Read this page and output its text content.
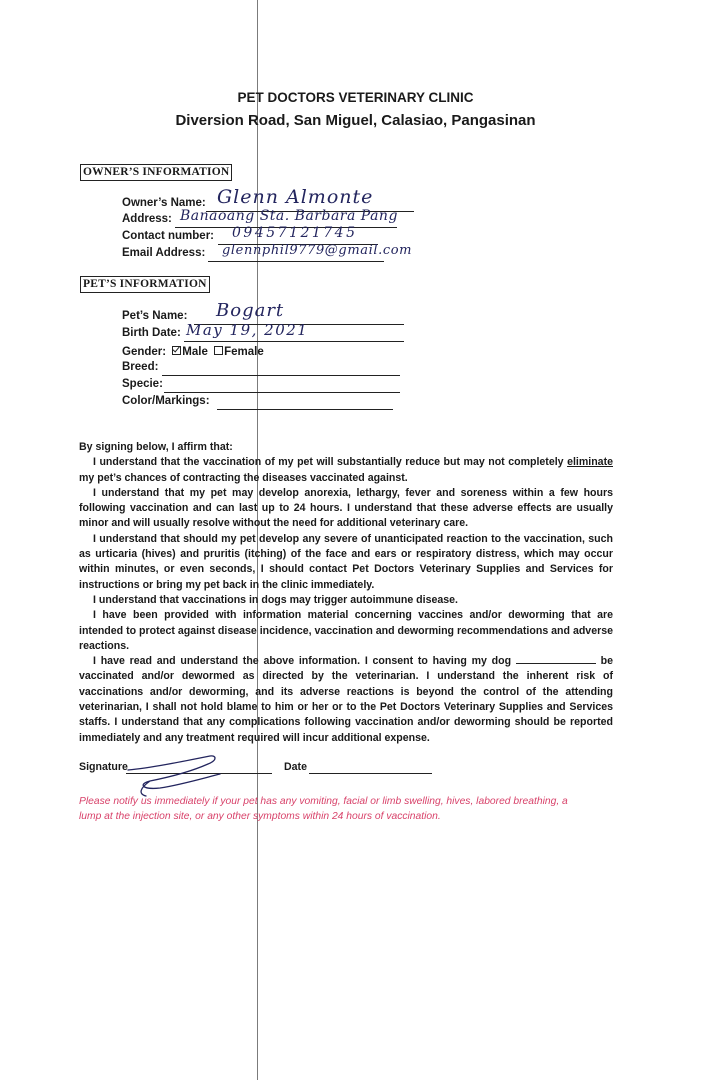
PET DOCTORS VETERINARY CLINIC
Diversion Road, San Miguel, Calasiao, Pangasinan
OWNER’S INFORMATION
Owner’s Name: Glenn Almonte
Address: Banaoang Sta. Barbara Pang
Contact number: 09457121745
Email Address: glennphil9779@gmail.com
PET’S INFORMATION
Pet’s Name: Bogart
Birth Date: May 19, 2021
Gender: Male Female
Breed:
Specie:
Color/Markings:

By signing below, I affirm that:

I understand that the vaccination of my pet will substantially reduce but may not completely eliminate my pet’s chances of contracting the diseases vaccinated against.

I understand that my pet may develop anorexia, lethargy, fever and soreness within a few hours following vaccination and can last up to 24 hours. I understand that these adverse effects are usually minor and will usually resolve without the need for additional veterinary care.

I understand that should my pet develop any severe of unanticipated reaction to the vaccination, such as urticaria (hives) and pruritis (itching) of the face and ears or respiratory distress, which may occur within minutes, or even seconds, I should contact Pet Doctors Veterinary Supplies and Services for instructions or bring my pet back in the clinic immediately.

I understand that vaccinations in dogs may trigger autoimmune disease.

I have been provided with information material concerning vaccines and/or deworming that are intended to protect against disease incidence, vaccination and deworming recommendations and adverse reactions.

I have read and understand the above information. I consent to having my dog	be vaccinated and/or dewormed as directed by the veterinarian. I understand the inherent risk of vaccinations and/or deworming, and its adverse reactions is beyond the control of the attending veterinarian, I shall not hold blame to him or her or to the Pet Doctors Veterinary Supplies and Services staffs. I understand that any complications following vaccination and/or deworming should be reported immediately and any treatment required will incur additional expense.

Signature	Date
Please notify us immediately if your pet has any vomiting, facial or limb swelling, hives, labored breathing, a lump at the injection site, or any other symptoms within 24 hours of vaccination.
